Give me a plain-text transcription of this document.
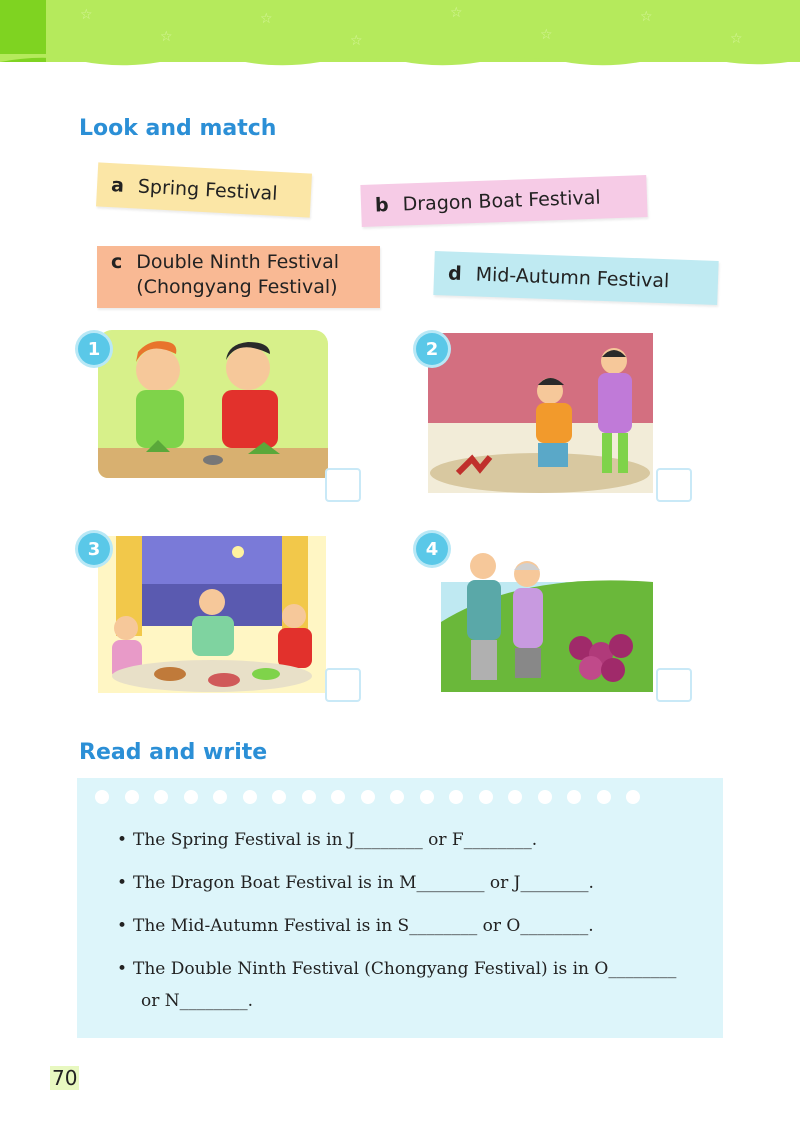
☆
☆
☆
☆
☆
☆
☆
☆
Look and match
a Spring Festival
b Dragon Boat Festival
c Double Ninth Festival
(Chongyang Festival)
d Mid-Autumn Festival
1	2
3	4
Read and write
• The Spring Festival is in J________ or F________.
• The Dragon Boat Festival is in M________ or J________.
• The Mid-Autumn Festival is in S________ or O________.
• The Double Ninth Festival (Chongyang Festival) is in O________
or N________.
70
